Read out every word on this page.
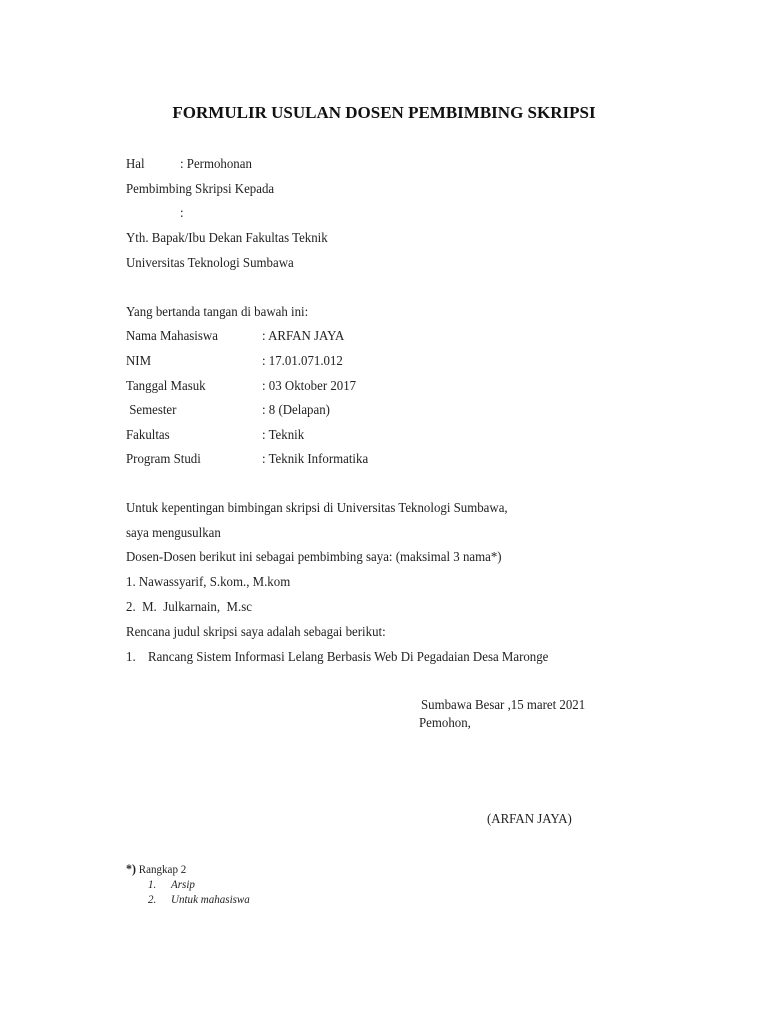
FORMULIR USULAN DOSEN PEMBIMBING SKRIPSI
Hal	: Permohonan
Pembimbing Skripsi Kepada
:
Yth. Bapak/Ibu Dekan Fakultas Teknik
Universitas Teknologi Sumbawa
Yang bertanda tangan di bawah ini:
Nama Mahasiswa	: ARFAN JAYA
NIM	: 17.01.071.012
Tanggal Masuk	: 03 Oktober 2017
Semester	: 8 (Delapan)
Fakultas	: Teknik
Program Studi	: Teknik Informatika
Untuk kepentingan bimbingan skripsi di Universitas Teknologi Sumbawa,
saya mengusulkan
Dosen-Dosen berikut ini sebagai pembimbing saya: (maksimal 3 nama*)
1. Nawassyarif, S.kom., M.kom
2.  M.  Julkarnain,  M.sc
Rencana judul skripsi saya adalah sebagai berikut:
1. Rancang Sistem Informasi Lelang Berbasis Web Di Pegadaian Desa Maronge
Sumbawa Besar ,15 maret 2021
Pemohon,
(ARFAN JAYA)
*) Rangkap 2
1. Arsip
2. Untuk mahasiswa
